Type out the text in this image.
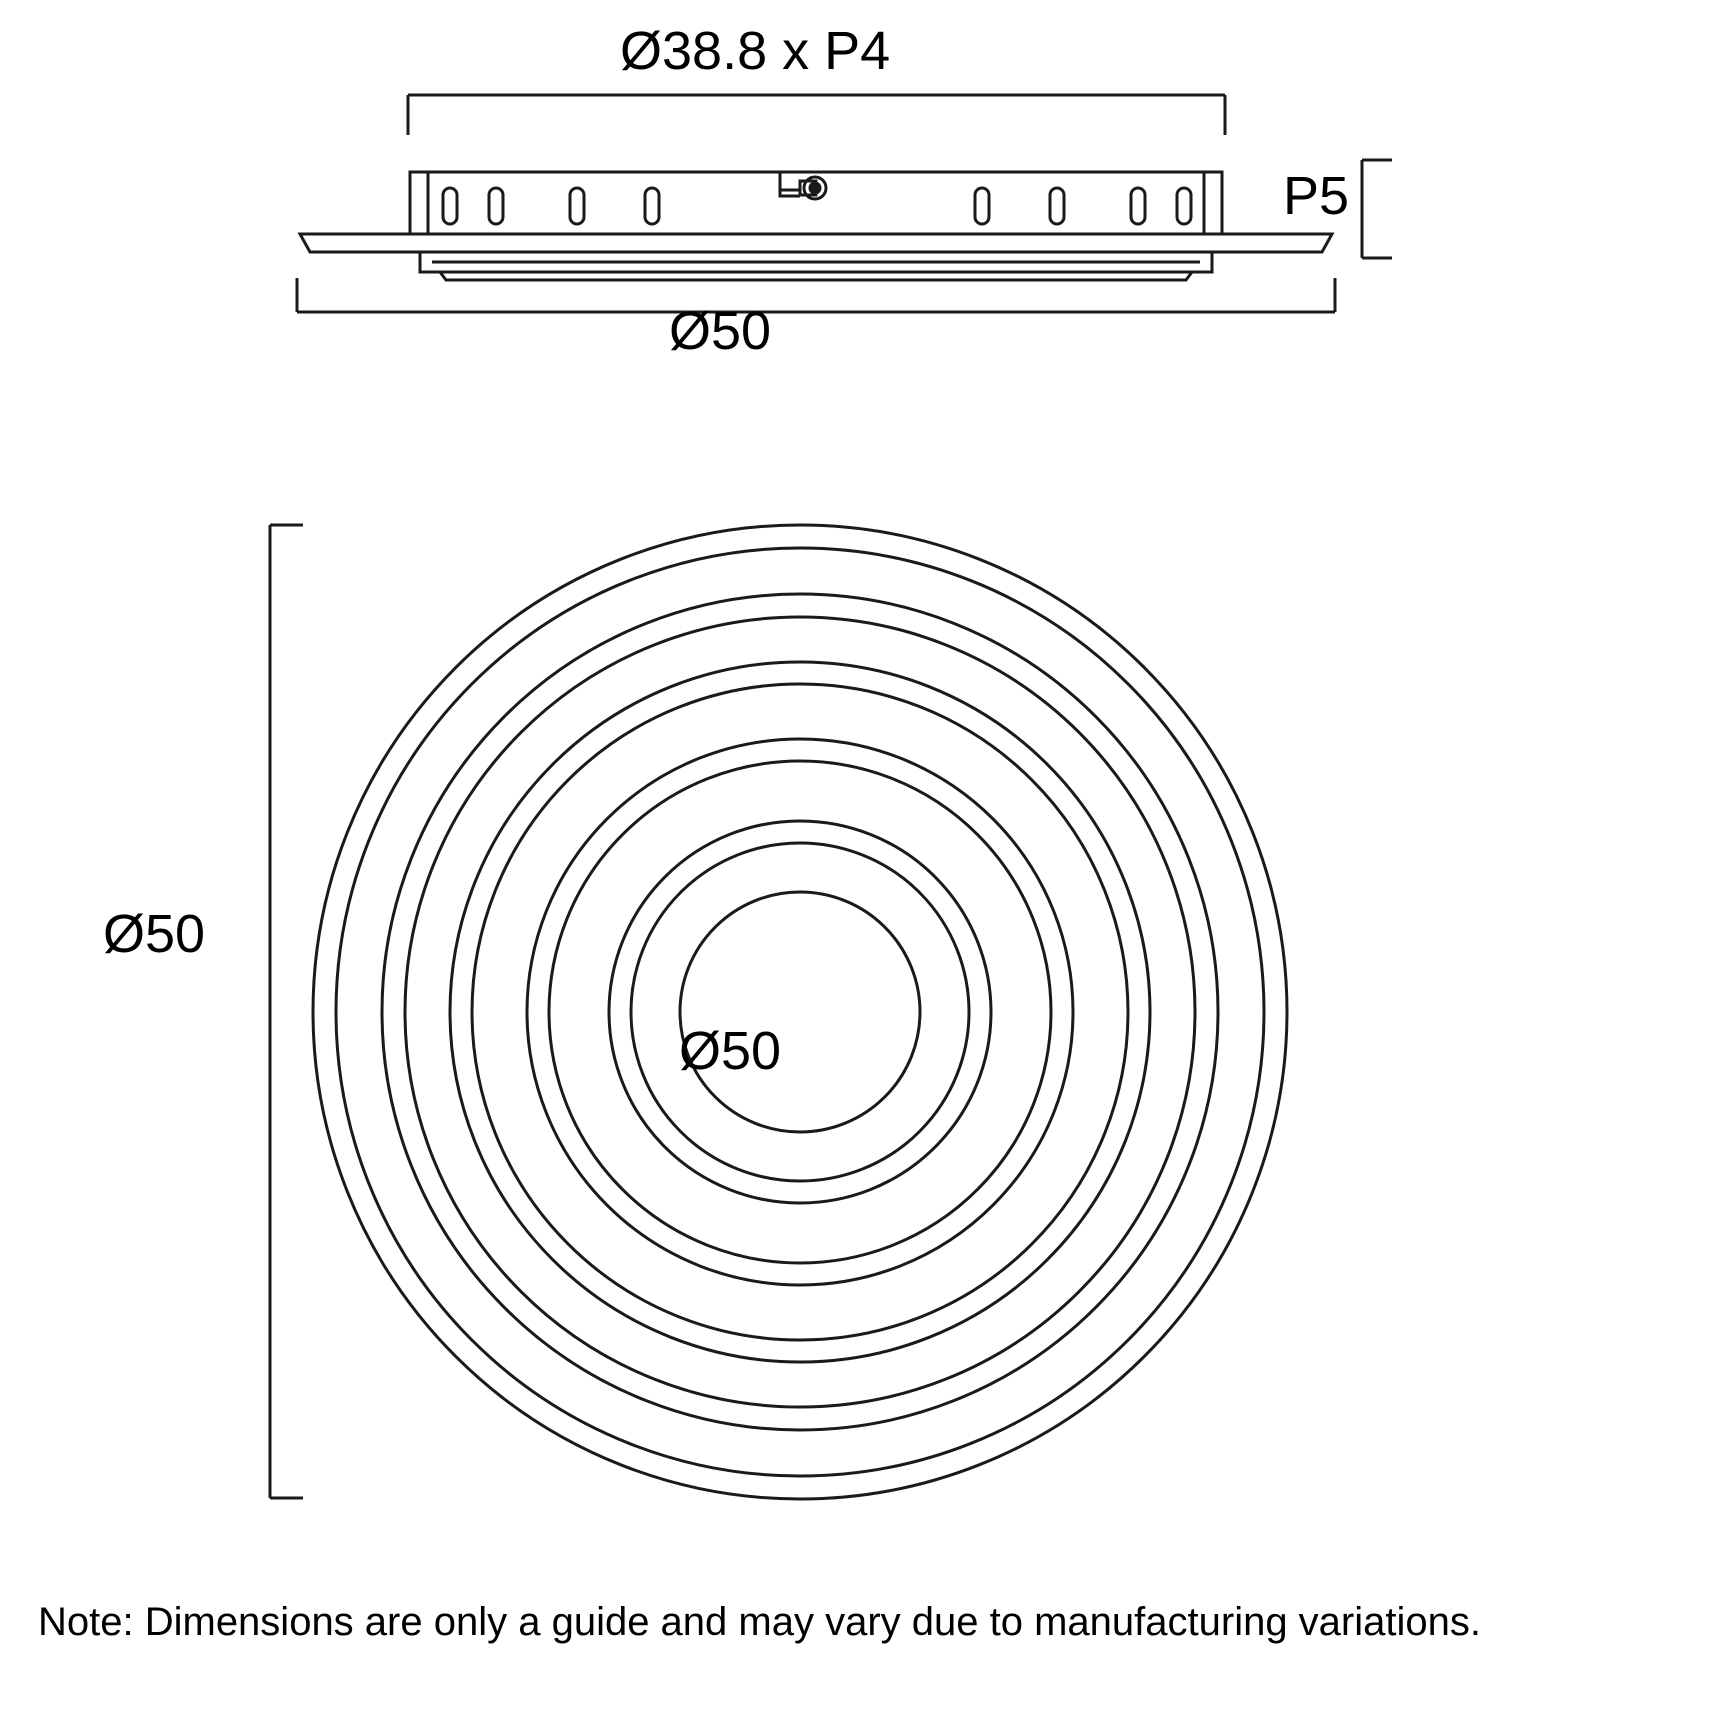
Ø38.8 x P4
P5
Ø50
Ø50
Ø50
Note: Dimensions are only a guide and may vary due to manufacturing variations.
